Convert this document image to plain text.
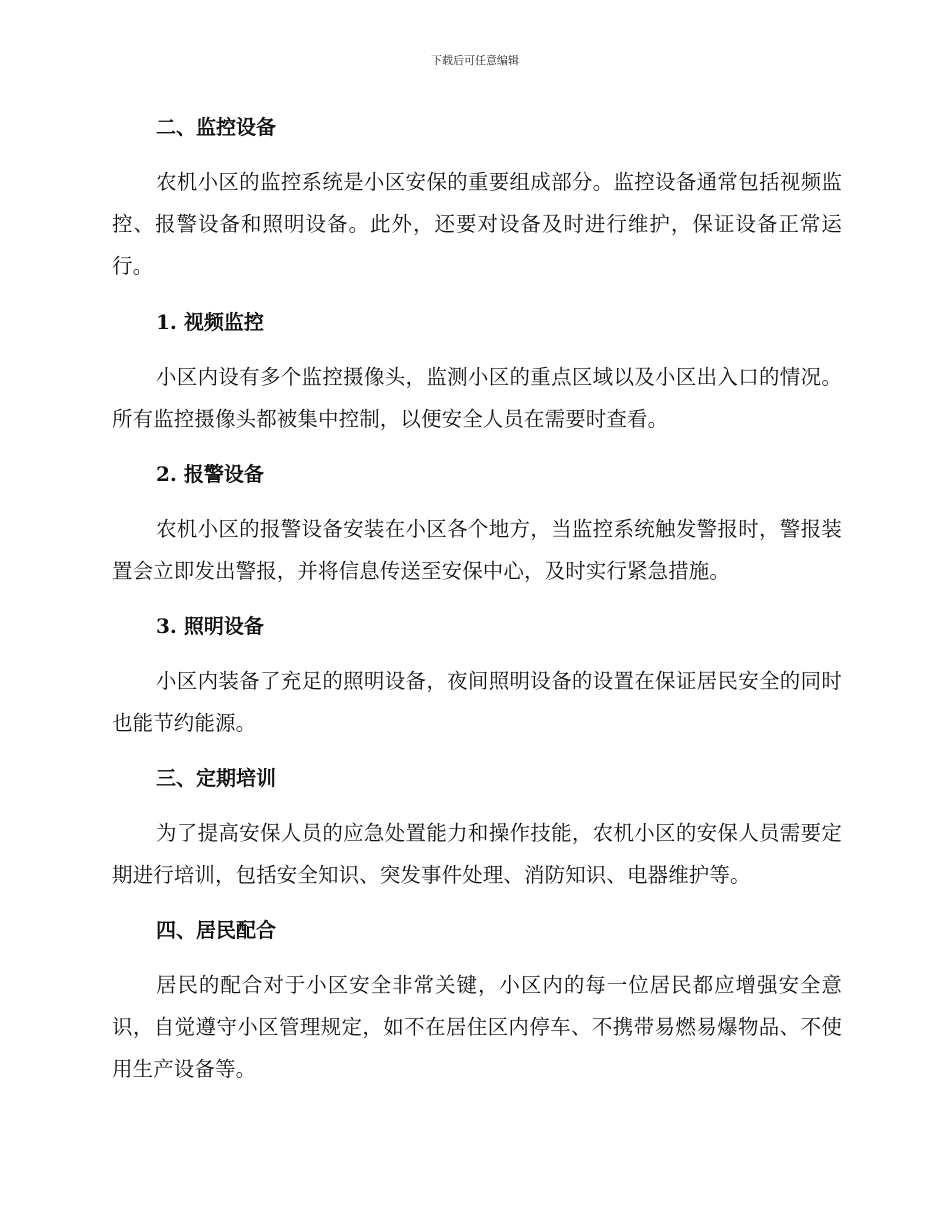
下载后可任意编辑
二、监控设备
农机小区的监控系统是小区安保的重要组成部分。监控设备通常包括视频监控、报警设备和照明设备。此外，还要对设备及时进行维护，保证设备正常运行。
1. 视频监控
小区内设有多个监控摄像头，监测小区的重点区域以及小区出入口的情况。所有监控摄像头都被集中控制，以便安全人员在需要时查看。
2. 报警设备
农机小区的报警设备安装在小区各个地方，当监控系统触发警报时，警报装置会立即发出警报，并将信息传送至安保中心，及时实行紧急措施。
3. 照明设备
小区内装备了充足的照明设备，夜间照明设备的设置在保证居民安全的同时也能节约能源。
三、定期培训
为了提高安保人员的应急处置能力和操作技能，农机小区的安保人员需要定期进行培训，包括安全知识、突发事件处理、消防知识、电器维护等。
四、居民配合
居民的配合对于小区安全非常关键，小区内的每一位居民都应增强安全意识，自觉遵守小区管理规定，如不在居住区内停车、不携带易燃易爆物品、不使用生产设备等。
